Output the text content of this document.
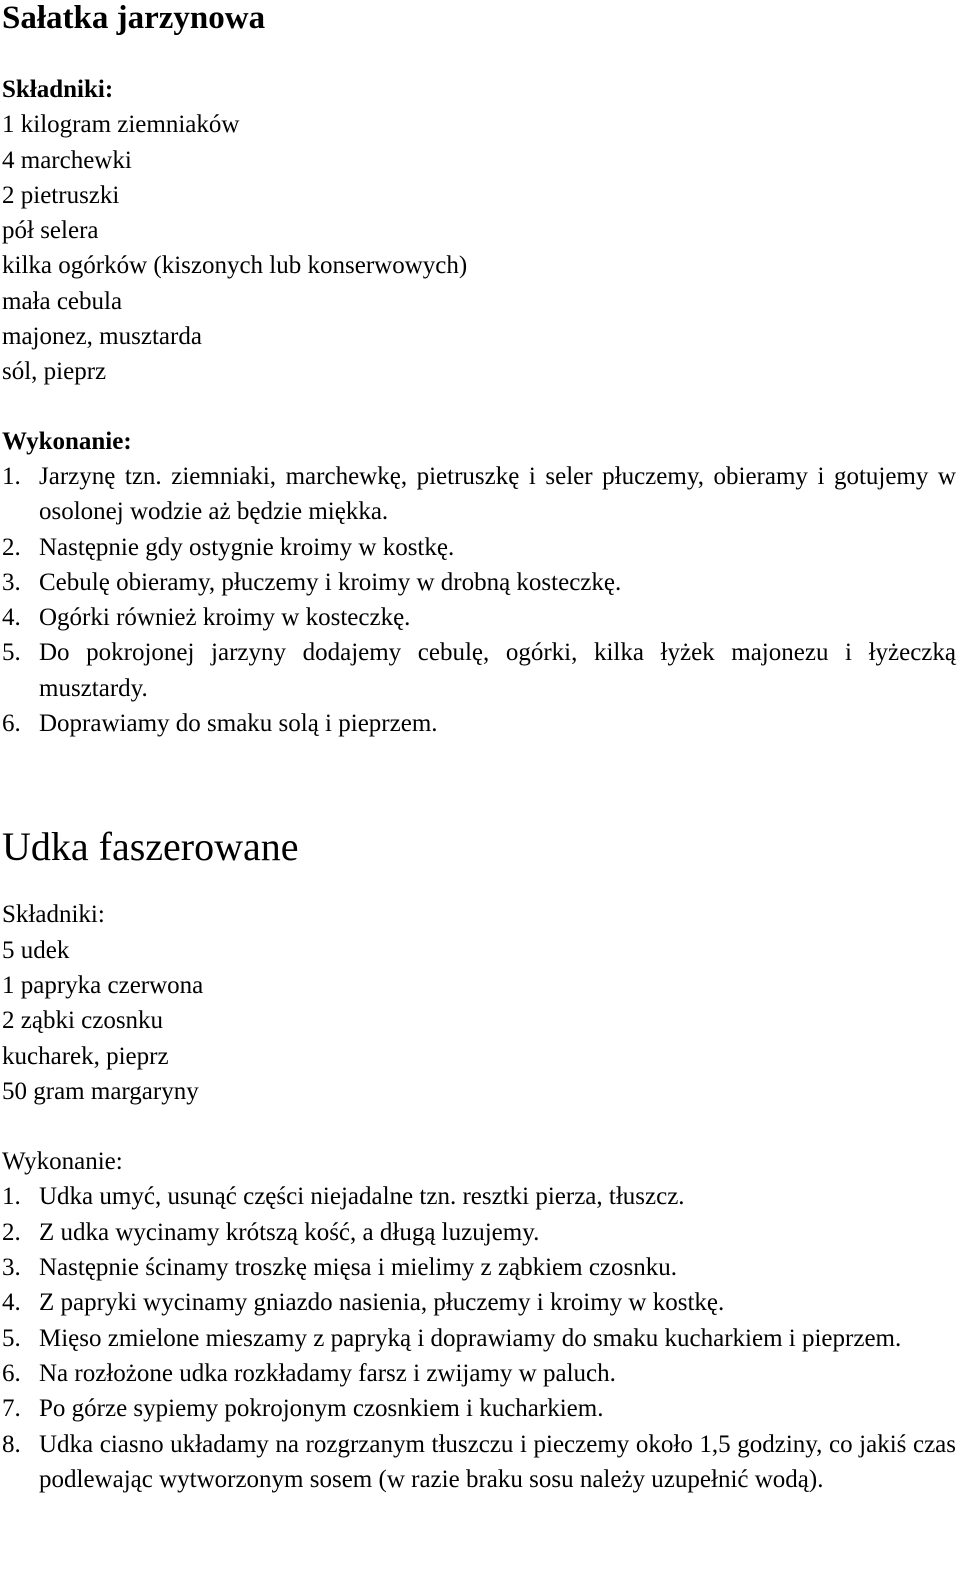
Sałatka jarzynowa

Składniki:

1 kilogram ziemniaków

4 marchewki

2 pietruszki

pół selera

kilka ogórków (kiszonych lub konserwowych)

mała cebula

majonez, musztarda

sól, pieprz

Wykonanie:

1. Jarzynę tzn. ziemniaki, marchewkę, pietruszkę i seler płuczemy, obieramy i gotujemy w osolonej wodzie aż będzie miękka.
2. Następnie gdy ostygnie kroimy w kostkę.
3. Cebulę obieramy, płuczemy i kroimy w drobną kosteczkę.
4. Ogórki również kroimy w kosteczkę.
5. Do pokrojonej jarzyny dodajemy cebulę, ogórki, kilka łyżek majonezu i łyżeczką musztardy.
6. Doprawiamy do smaku solą i pieprzem.
Udka faszerowane

Składniki:

5 udek

1 papryka czerwona

2 ząbki czosnku

kucharek, pieprz

50 gram margaryny

Wykonanie:

1. Udka umyć, usunąć części niejadalne tzn. resztki pierza, tłuszcz.
2. Z udka wycinamy krótszą kość, a długą luzujemy.
3. Następnie ścinamy troszkę mięsa i mielimy z ząbkiem czosnku.
4. Z papryki wycinamy gniazdo nasienia, płuczemy i kroimy w kostkę.
5. Mięso zmielone mieszamy z papryką i doprawiamy do smaku kucharkiem i pieprzem.
6. Na rozłożone udka rozkładamy farsz i zwijamy w paluch.
7. Po górze sypiemy pokrojonym czosnkiem i kucharkiem.
8. Udka ciasno układamy na rozgrzanym tłuszczu i pieczemy około 1,5 godziny, co jakiś czas podlewając wytworzonym sosem (w razie braku sosu należy uzupełnić wodą).
